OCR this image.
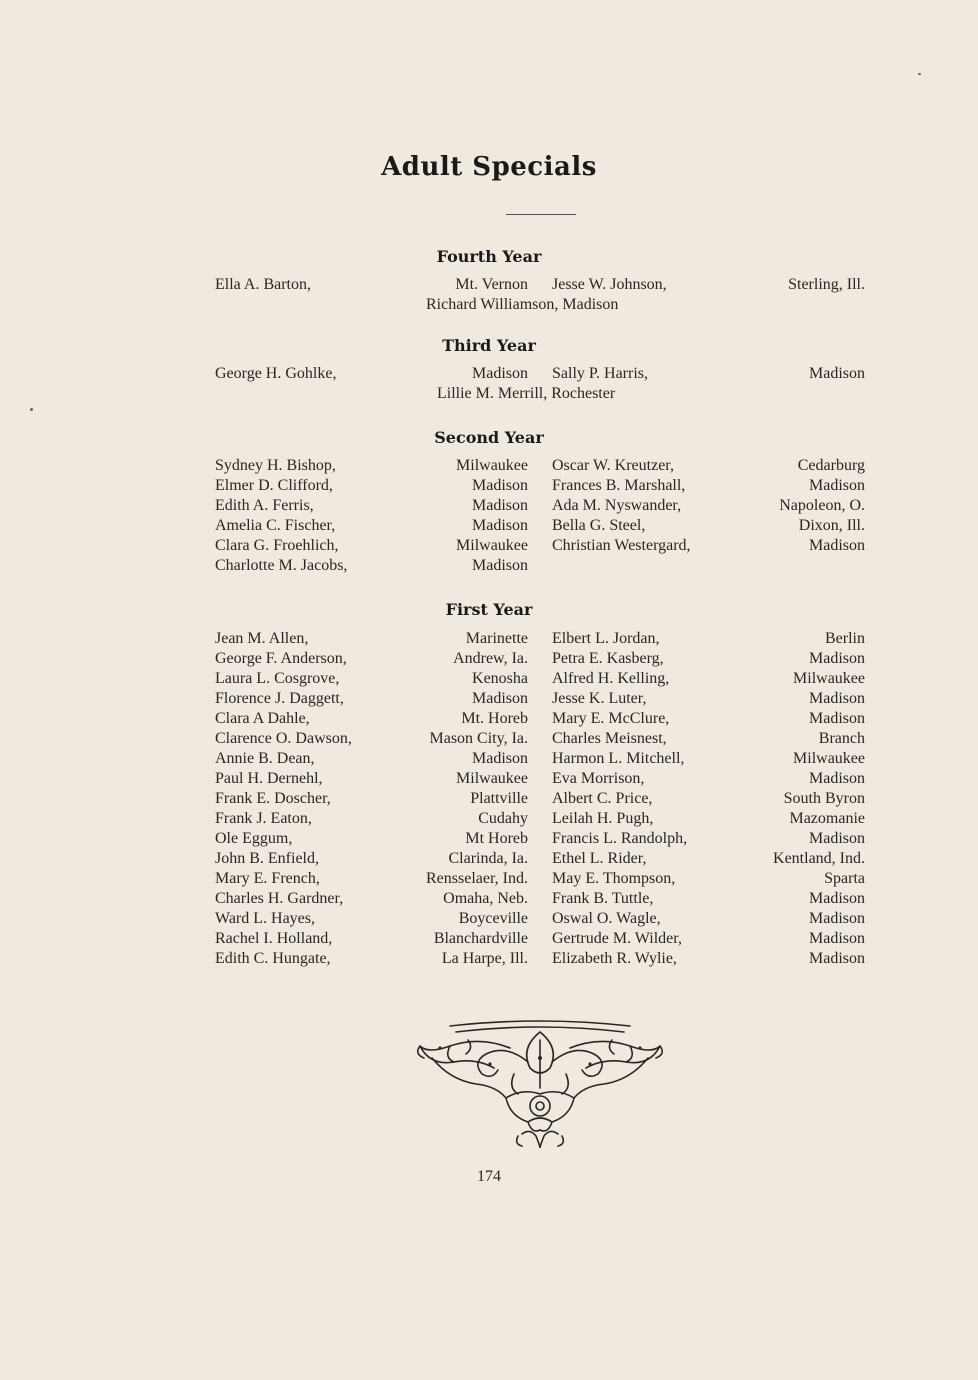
Adult Specials
Fourth Year
Ella A. Barton,	Mt. Vernon Jesse W. Johnson,	Sterling, Ill.
Richard Williamson, Madison
Third Year
George H. Gohlke,	Madison Sally P. Harris,	Madison
Lillie M. Merrill, Rochester
Second Year
Sydney H. Bishop,	Milwaukee
Elmer D. Clifford,	Madison
Edith A. Ferris,	Madison
Amelia C. Fischer,	Madison
Clara G. Froehlich,	Milwaukee
Charlotte M. Jacobs,	Madison
Oscar W. Kreutzer,	Cedarburg
Frances B. Marshall,	Madison
Ada M. Nyswander,	Napoleon, O.
Bella G. Steel,	Dixon, Ill.
Christian Westergard,	Madison
First Year
Jean M. Allen,	Marinette
George F. Anderson,	Andrew, Ia.
Laura L. Cosgrove,	Kenosha
Florence J. Daggett,	Madison
Clara A Dahle,	Mt. Horeb
Clarence O. Dawson,	Mason City, Ia.
Annie B. Dean,	Madison
Paul H. Dernehl,	Milwaukee
Frank E. Doscher,	Plattville
Frank J. Eaton,	Cudahy
Ole Eggum,	Mt Horeb
John B. Enfield,	Clarinda, Ia.
Mary E. French,	Rensselaer, Ind.
Charles H. Gardner,	Omaha, Neb.
Ward L. Hayes,	Boyceville
Rachel I. Holland,	Blanchardville
Edith C. Hungate,	La Harpe, Ill.
Elbert L. Jordan,	Berlin
Petra E. Kasberg,	Madison
Alfred H. Kelling,	Milwaukee
Jesse K. Luter,	Madison
Mary E. McClure,	Madison
Charles Meisnest,	Branch
Harmon L. Mitchell,	Milwaukee
Eva Morrison,	Madison
Albert C. Price,	South Byron
Leilah H. Pugh,	Mazomanie
Francis L. Randolph,	Madison
Ethel L. Rider,	Kentland, Ind.
May E. Thompson,	Sparta
Frank B. Tuttle,	Madison
Oswal O. Wagle,	Madison
Gertrude M. Wilder,	Madison
Elizabeth R. Wylie,	Madison
174
